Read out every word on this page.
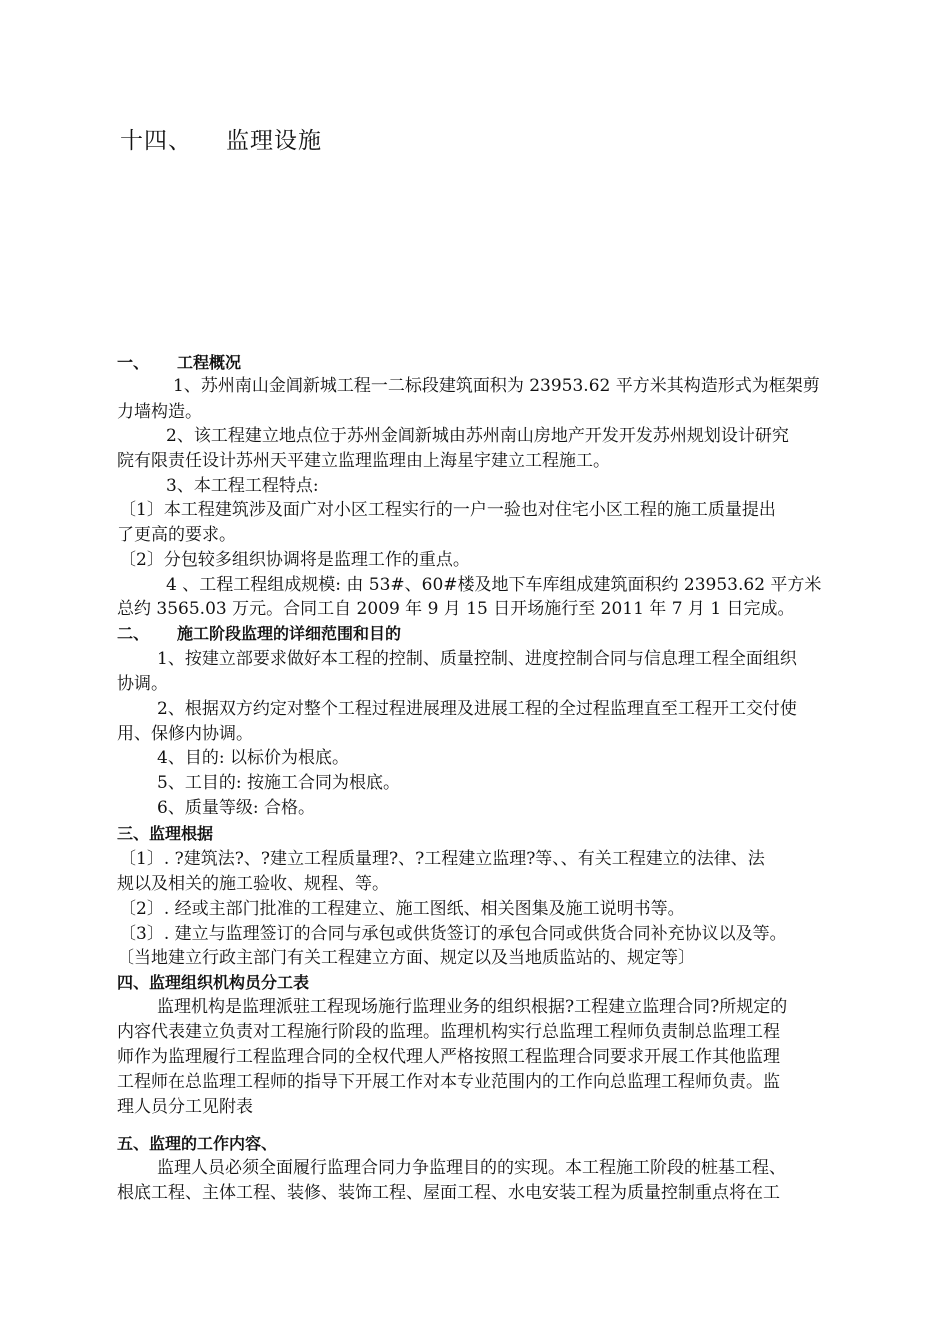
十四、 监理设施
一、 工程概况
1、苏州南山金阊新城工程一二标段建筑面积为 23953.62 平方米其构造形式为框架剪
力墙构造。
2、该工程建立地点位于苏州金阊新城由苏州南山房地产开发开发苏州规划设计研究
院有限责任设计苏州天平建立监理监理由上海星宇建立工程施工。
3、本工程工程特点:
〔1〕本工程建筑涉及面广对小区工程实行的一户一验也对住宅小区工程的施工质量提出
了更高的要求。
〔2〕分包较多组织协调将是监理工作的重点。
4 、工程工程组成规模: 由 53#、60#楼及地下车库组成建筑面积约 23953.62 平方米
总约 3565.03 万元。合同工自 2009 年 9 月 15 日开场施行至 2011 年 7 月 1 日完成。
二、 施工阶段监理的详细范围和目的
1、按建立部要求做好本工程的控制、质量控制、进度控制合同与信息理工程全面组织
协调。
2、根据双方约定对整个工程过程进展理及进展工程的全过程监理直至工程开工交付使
用、保修内协调。
4、目的: 以标价为根底。
5、工目的: 按施工合同为根底。
6、质量等级: 合格。
三、监理根据
〔1〕. ?建筑法?、?建立工程质量理?、?工程建立监理?等、、有关工程建立的法律、法
规以及相关的施工验收、规程、等。
〔2〕. 经或主部门批准的工程建立、施工图纸、相关图集及施工说明书等。
〔3〕. 建立与监理签订的合同与承包或供货签订的承包合同或供货合同补充协议以及等。
〔当地建立行政主部门有关工程建立方面、规定以及当地质监站的、规定等〕
四、监理组织机构员分工表
监理机构是监理派驻工程现场施行监理业务的组织根据?工程建立监理合同?所规定的
内容代表建立负责对工程施行阶段的监理。监理机构实行总监理工程师负责制总监理工程
师作为监理履行工程监理合同的全权代理人严格按照工程监理合同要求开展工作其他监理
工程师在总监理工程师的指导下开展工作对本专业范围内的工作向总监理工程师负责。监
理人员分工见附表
五、监理的工作内容、
监理人员必须全面履行监理合同力争监理目的的实现。本工程施工阶段的桩基工程、
根底工程、主体工程、装修、装饰工程、屋面工程、水电安装工程为质量控制重点将在工
